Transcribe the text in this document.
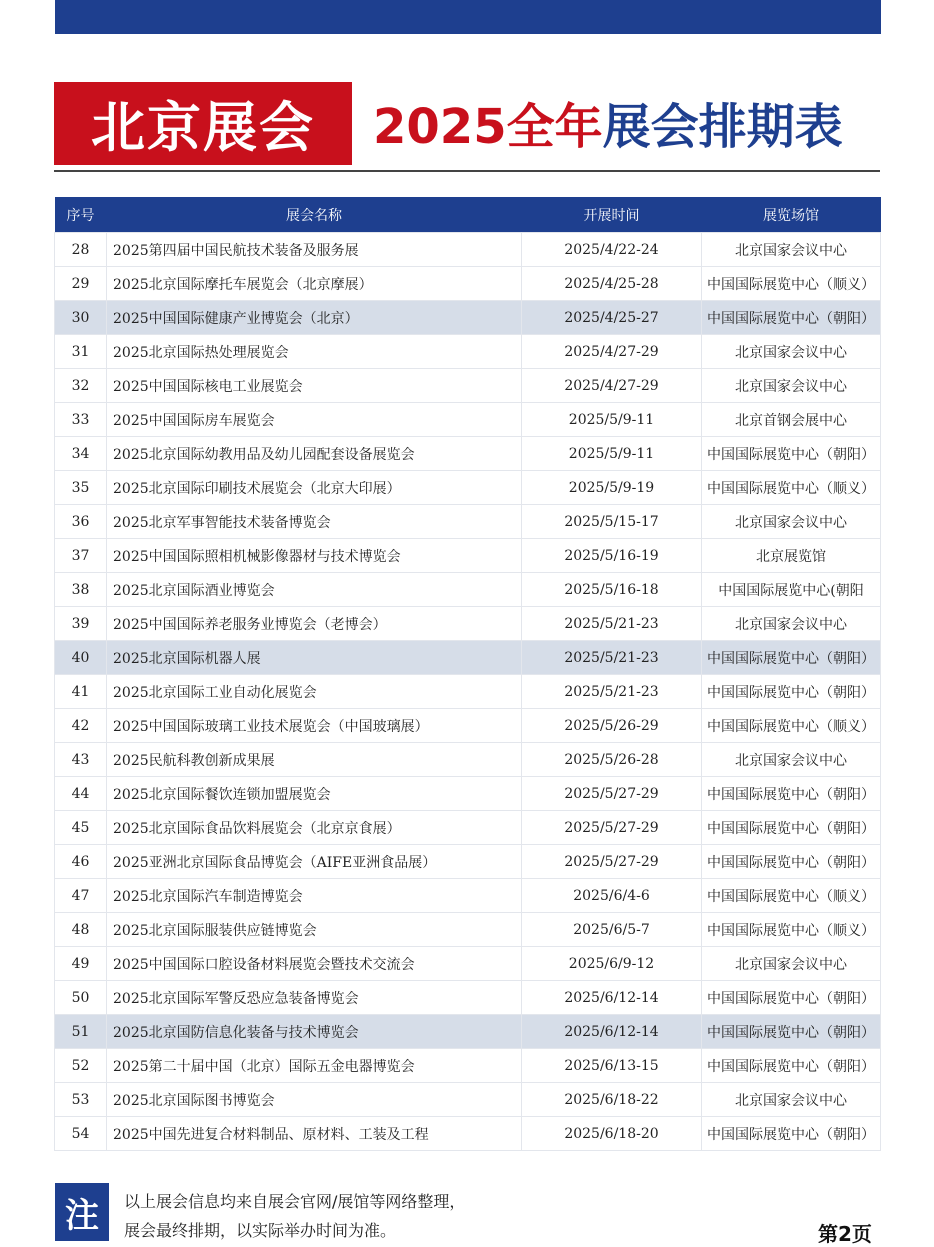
北京展会 2025全年展会排期表
序号	展会名称	开展时间	展览场馆
28	2025第四届中国民航技术装备及服务展	2025/4/22-24	北京国家会议中心
29	2025北京国际摩托车展览会（北京摩展）	2025/4/25-28	中国国际展览中心（顺义）
30	2025中国国际健康产业博览会（北京）	2025/4/25-27	中国国际展览中心（朝阳）
31	2025北京国际热处理展览会	2025/4/27-29	北京国家会议中心
32	2025中国国际核电工业展览会	2025/4/27-29	北京国家会议中心
33	2025中国国际房车展览会	2025/5/9-11	北京首钢会展中心
34	2025北京国际幼教用品及幼儿园配套设备展览会	2025/5/9-11	中国国际展览中心（朝阳）
35	2025北京国际印刷技术展览会（北京大印展）	2025/5/9-19	中国国际展览中心（顺义）
36	2025北京军事智能技术装备博览会	2025/5/15-17	北京国家会议中心
37	2025中国国际照相机械影像器材与技术博览会	2025/5/16-19	北京展览馆
38	2025北京国际酒业博览会	2025/5/16-18	中国国际展览中心(朝阳
39	2025中国国际养老服务业博览会（老博会）	2025/5/21-23	北京国家会议中心
40	2025北京国际机器人展	2025/5/21-23	中国国际展览中心（朝阳）
41	2025北京国际工业自动化展览会	2025/5/21-23	中国国际展览中心（朝阳）
42	2025中国国际玻璃工业技术展览会（中国玻璃展）	2025/5/26-29	中国国际展览中心（顺义）
43	2025民航科教创新成果展	2025/5/26-28	北京国家会议中心
44	2025北京国际餐饮连锁加盟展览会	2025/5/27-29	中国国际展览中心（朝阳）
45	2025北京国际食品饮料展览会（北京京食展）	2025/5/27-29	中国国际展览中心（朝阳）
46	2025亚洲北京国际食品博览会（AIFE亚洲食品展）	2025/5/27-29	中国国际展览中心（朝阳）
47	2025北京国际汽车制造博览会	2025/6/4-6	中国国际展览中心（顺义）
48	2025北京国际服装供应链博览会	2025/6/5-7	中国国际展览中心（顺义）
49	2025中国国际口腔设备材料展览会暨技术交流会	2025/6/9-12	北京国家会议中心
50	2025北京国际军警反恐应急装备博览会	2025/6/12-14	中国国际展览中心（朝阳）
51	2025北京国防信息化装备与技术博览会	2025/6/12-14	中国国际展览中心（朝阳）
52	2025第二十届中国（北京）国际五金电器博览会	2025/6/13-15	中国国际展览中心（朝阳）
53	2025北京国际图书博览会	2025/6/18-22	北京国家会议中心
54	2025中国先进复合材料制品、原材料、工装及工程	2025/6/18-20	中国国际展览中心（朝阳）
注	以上展会信息均来自展会官网/展馆等网络整理，
展会最终排期，以实际举办时间为准。	第2页
